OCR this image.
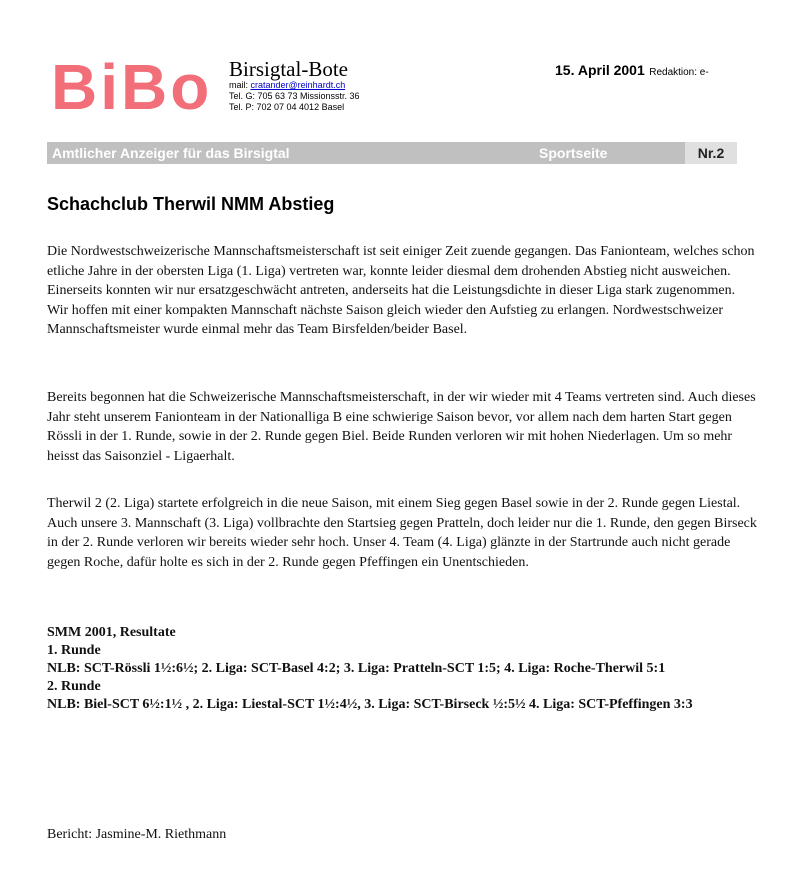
BiBo Birsigtal-Bote
mail: cratander@reinhardt.ch
Tel. G: 705 63 73 Missionsstr. 36
Tel. P: 702 07 04 4012 Basel
15. April 2001 Redaktion: e-
Amtlicher Anzeiger für das Birsigtal	Sportseite	Nr.2
Schachclub Therwil NMM Abstieg

Die Nordwestschweizerische Mannschaftsmeisterschaft ist seit einiger Zeit zuende gegangen. Das Fanionteam, welches schon etliche Jahre in der obersten Liga (1. Liga) vertreten war, konnte leider diesmal dem drohenden Abstieg nicht ausweichen. Einerseits konnten wir nur ersatzgeschwächt antreten, anderseits hat die Leistungsdichte in dieser Liga stark zugenommen. Wir hoffen mit einer kompakten Mannschaft nächste Saison gleich wieder den Aufstieg zu erlangen. Nordwestschweizer Mannschaftsmeister wurde einmal mehr das Team Birsfelden/beider Basel.

Bereits begonnen hat die Schweizerische Mannschaftsmeisterschaft, in der wir wieder mit 4 Teams vertreten sind. Auch dieses Jahr steht unserem Fanionteam in der Nationalliga B eine schwierige Saison bevor, vor allem nach dem harten Start gegen Rössli in der 1. Runde, sowie in der 2. Runde gegen Biel. Beide Runden verloren wir mit hohen Niederlagen. Um so mehr heisst das Saisonziel - Ligaerhalt.

Therwil 2 (2. Liga) startete erfolgreich in die neue Saison, mit einem Sieg gegen Basel sowie in der 2. Runde gegen Liestal. Auch unsere 3. Mannschaft (3. Liga) vollbrachte den Startsieg gegen Pratteln, doch leider nur die 1. Runde, den gegen Birseck in der 2. Runde verloren wir bereits wieder sehr hoch. Unser 4. Team (4. Liga) glänzte in der Startrunde auch nicht gerade gegen Roche, dafür holte es sich in der 2. Runde gegen Pfeffingen ein Unentschieden.

SMM 2001, Resultate
1. Runde
NLB: SCT-Rössli 1½:6½; 2. Liga: SCT-Basel 4:2; 3. Liga: Pratteln-SCT 1:5; 4. Liga: Roche-Therwil 5:1
2. Runde
NLB: Biel-SCT 6½:1½ , 2. Liga: Liestal-SCT 1½:4½, 3. Liga: SCT-Birseck ½:5½ 4. Liga: SCT-Pfeffingen 3:3
Bericht: Jasmine-M. Riethmann
